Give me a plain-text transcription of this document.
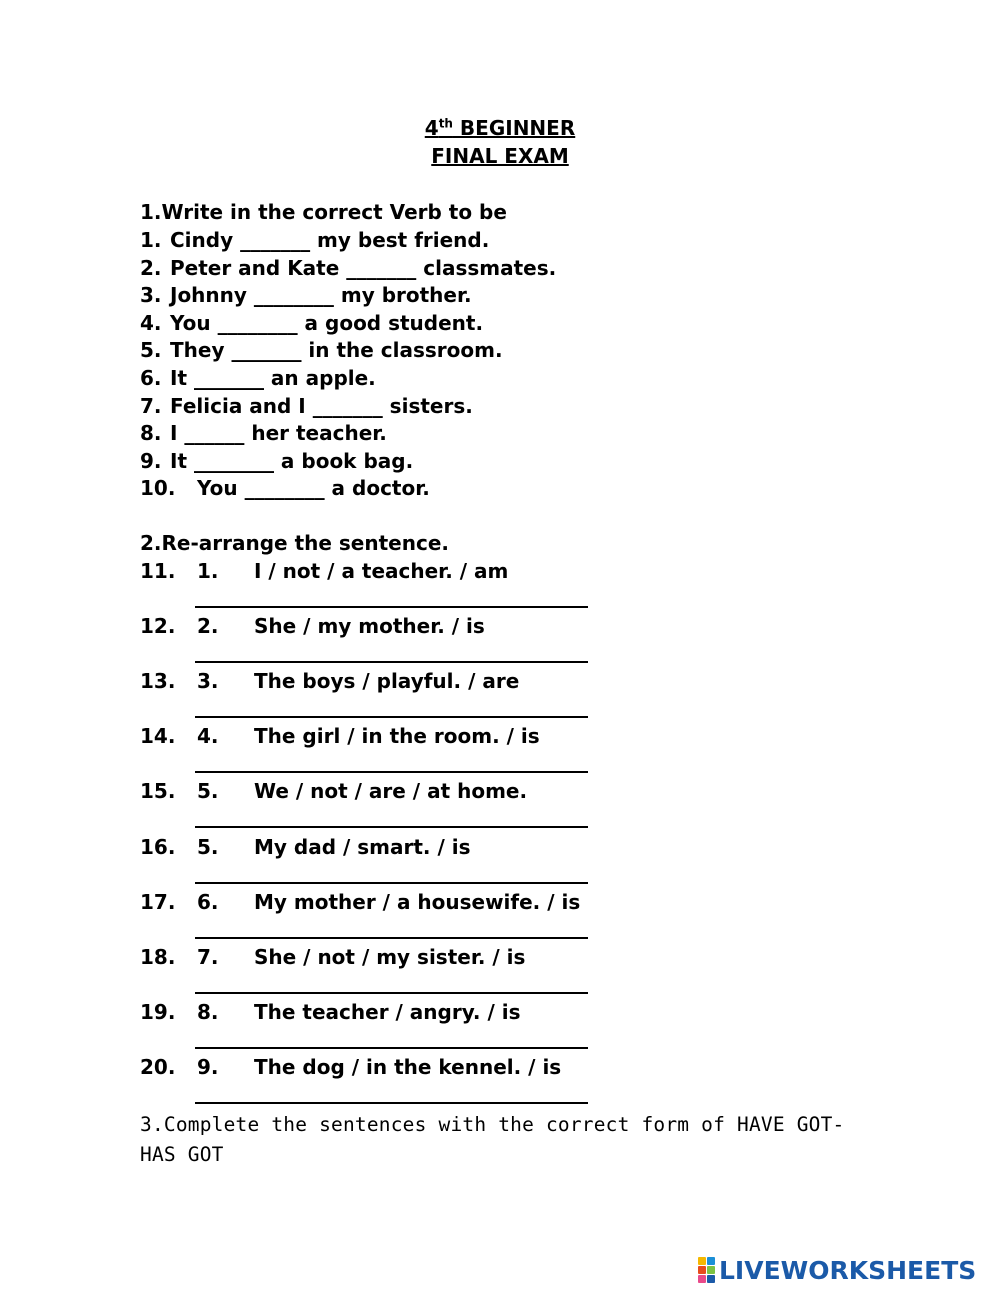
4th BEGINNER
FINAL EXAM
1.Write in the correct Verb to be
1. Cindy _______ my best friend.
2. Peter and Kate _______ classmates.
3. Johnny ________ my brother.
4. You ________ a good student.
5. They _______ in the classroom.
6. It _______ an apple.
7. Felicia and I _______ sisters.
8. I ______ her teacher.
9. It ________ a book bag.
10. You ________ a doctor.
2.Re-arrange the sentence.
11. 1. I / not / a teacher. / am
12. 2. She / my mother. / is
13. 3. The boys / playful. / are
14. 4. The girl / in the room. / is
15. 5. We / not / are / at home.
16. 5. My dad / smart. / is
17. 6. My mother / a housewife. / is
18. 7. She / not / my sister. / is
19. 8. The teacher / angry. / is
20. 9. The dog / in the kennel. / is
3.Complete the sentences with the correct form of HAVE GOT-HAS GOT
LIVEWORKSHEETS
